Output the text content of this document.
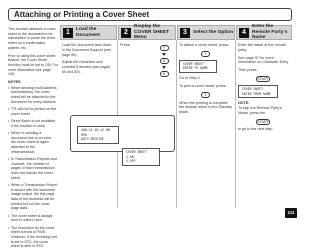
Attaching or Printing a Cover Sheet

This function attaches a cover sheet to the document to be transmitted or prints the cover sheet on a confirmation pattern, etc.

Prior to using this cover sheet feature, the Cover Sheet function must be set to ON. For more information see page 149.

NOTES:
• When sending multi-address transmissions, the cover sheet will be attached to the document for every address.
• TTI will not be printed on the cover sheet.
• Direct Batch is not available if the function is used.
• When re-sending a document due to an error, the cover sheet is again attached to the retransmission.
• In Transmission Reports and Journals, the number of pages of each transmission does not include the cover sheet.
• When a Transmission Report is issued with the document image output, the first page data of the business will be printed but not the cover page data.
• The cover sheet is always sent in uniform size.
• The resolution for the cover sheet is fixed to FINE. However, if the receiving unit is set to STD, the cover sheet is sent in STD.
1	Load the Document

Load the document face down in the Document Support (see page 65).

Adjust the resolution and contrast if desired (see pages 60 and 60).

2
Display the COVER SHEET Menu

Press:

F
0
6
3	Select the Option

To attach a cover sheet, press:

1
COVER SHEET
ENTER TO NAME

Go to Step 4.

To print a cover sheet, press:

2

When the printing is complete, the display return to the Standby Mode.

4
Enter the Remote Party's Name

Enter the name of the remote party.

See page 97 for more information on Character Entry.

Then press:

START
COVER SHEET
ENTER FROM NAME
NOTE:

To skip the Remote Party's Name, press the

START

to go to the next step.

JAN-12 10:12 AM 00%
AUTO RECEIVE
COVER SHEET
1.ON
2.OFF
111
